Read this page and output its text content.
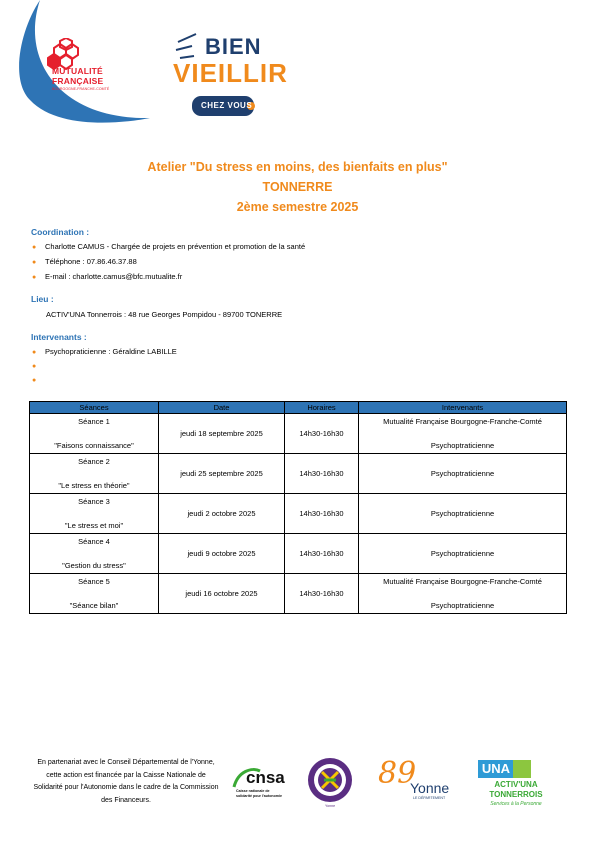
MUTUALITÉ
FRANÇAISE
BOURGOGNE-FRANCHE-COMTÉ
BIEN
VIEILLIR
CHEZ VOUS !
Atelier "Du stress en moins, des bienfaits en plus"
TONNERRE
2ème semestre 2025
Coordination :
● Charlotte CAMUS - Chargée de projets en prévention et promotion de la santé
● Téléphone : 07.86.46.37.88
● E-mail : charlotte.camus@bfc.mutualite.fr
Lieu :
ACTIV'UNA Tonnerrois : 48 rue Georges Pompidou - 89700 TONERRE
Intervenants :
● Psychopraticienne : Géraldine LABILLE
●
●
Séances	Date	Horaires	Intervenants

Séance 1
"Faisons connaissance"	jeudi 18 septembre 2025	14h30-16h30	Mutualité Française Bourgogne-Franche-Comté
Psychoptraticienne

Séance 2
"Le stress en théorie"	jeudi 25 septembre 2025	14h30-16h30	Psychoptraticienne

Séance 3
"Le stress et moi"	jeudi 2 octobre 2025	14h30-16h30	Psychoptraticienne

Séance 4
"Gestion du stress"	jeudi 9 octobre 2025	14h30-16h30	Psychoptraticienne

Séance 5
"Séance bilan"	jeudi 16 octobre 2025	14h30-16h30	Mutualité Française Bourgogne-Franche-Comté
Psychoptraticienne
En partenariat avec le Conseil Départemental de l'Yonne, cette action est financée par la Caisse Nationale de Solidarité pour l'Autonomie dans le cadre de la Commission des Financeurs.
cnsa
Caisse nationale de
solidarité pour l'autonomie
Yonne
89
Yonne
LE DÉPARTEMENT
UNA
ACTIV'UNA
TONNERROIS
Services à la Personne
